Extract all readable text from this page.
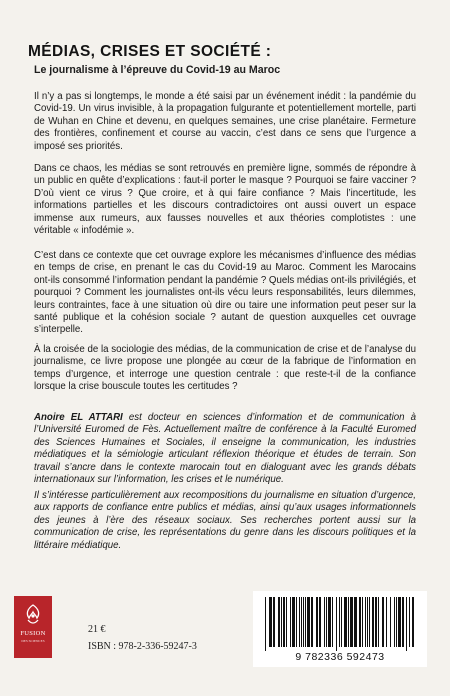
MÉDIAS, CRISES ET SOCIÉTÉ :
Le journalisme à l’épreuve du Covid-19 au Maroc

Il n’y a pas si longtemps, le monde a été saisi par un événement inédit : la pandémie du Covid-19. Un virus invisible, à la propagation fulgurante et potentiellement mortelle, parti de Wuhan en Chine et devenu, en quelques semaines, une crise planétaire. Fermeture des frontières, confinement et course au vaccin, c’est dans ce sens que l’urgence a imposé ses priorités.

Dans ce chaos, les médias se sont retrouvés en première ligne, sommés de répondre à un public en quête d’explications : faut-il porter le masque ? Pourquoi se faire vacciner ? D’où vient ce virus ? Que croire, et à qui faire confiance ? Mais l’incertitude, les informations partielles et les discours contradictoires ont aussi ouvert un espace immense aux rumeurs, aux fausses nouvelles et aux théories complotistes : une véritable « infodémie ».

C’est dans ce contexte que cet ouvrage explore les mécanismes d’influence des médias en temps de crise, en prenant le cas du Covid-19 au Maroc. Comment les Marocains ont-ils consommé l’information pendant la pandémie ? Quels médias ont-ils privilégiés, et pourquoi ? Comment les journalistes ont-ils vécu leurs responsabilités, leurs dilemmes, leurs contraintes, face à une situation où dire ou taire une information peut peser sur la santé publique et la cohésion sociale ? autant de question auxquelles cet ouvrage s’interpelle.

À la croisée de la sociologie des médias, de la communication de crise et de l’analyse du journalisme, ce livre propose une plongée au cœur de la fabrique de l’information en temps d’urgence, et interroge une question centrale : que reste-t-il de la confiance lorsque la crise bouscule toutes les certitudes ?

Anoire EL ATTARI est docteur en sciences d’information et de communication à l’Université Euromed de Fès. Actuellement maître de conférence à la Faculté Euromed des Sciences Humaines et Sociales, il enseigne la communication, les industries médiatiques et la sémiologie articulant réflexion théorique et études de terrain. Son travail s’ancre dans le contexte marocain tout en dialoguant avec les grands débats internationaux sur l’information, les crises et le numérique.

Il s’intéresse particulièrement aux recompositions du journalisme en situation d’urgence, aux rapports de confiance entre publics et médias, ainsi qu’aux usages informationnels des jeunes à l’ère des réseaux sociaux. Ses recherches portent aussi sur la communication de crise, les représentations du genre dans les discours politiques et la littéraire médiatique.

FUSION
DES SCIENCES
21 €
ISBN : 978-2-336-59247-3
9 782336 592473
